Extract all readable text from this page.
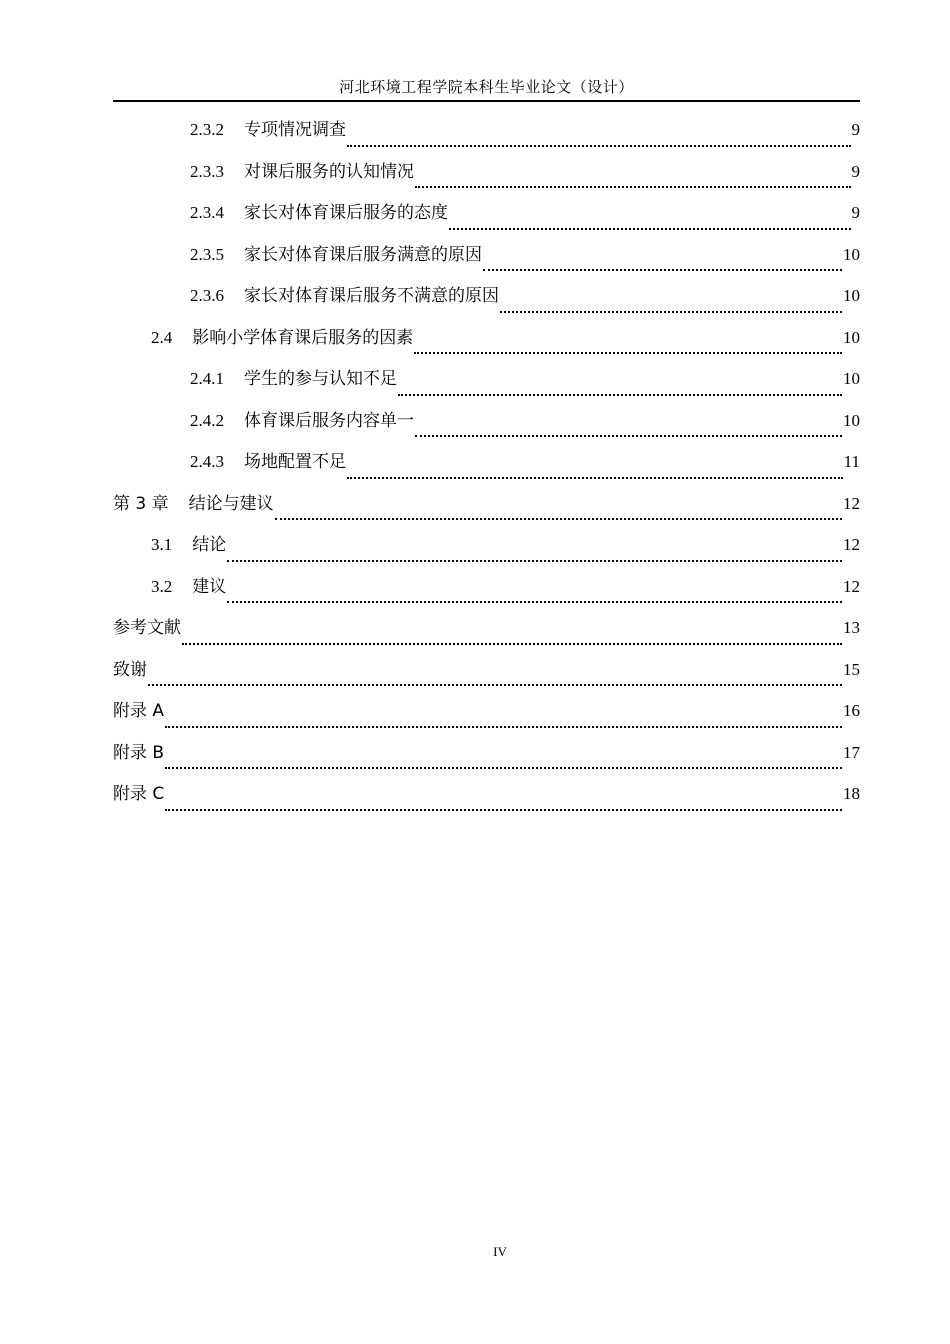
河北环境工程学院本科生毕业论文（设计）
2.3.2 专项情况调查	9
2.3.3 对课后服务的认知情况	9
2.3.4 家长对体育课后服务的态度	9
2.3.5 家长对体育课后服务满意的原因	10
2.3.6 家长对体育课后服务不满意的原因	10
2.4 影响小学体育课后服务的因素	10
2.4.1 学生的参与认知不足	10
2.4.2 体育课后服务内容单一	10
2.4.3 场地配置不足	11
第 3 章 结论与建议	12
3.1 结论	12
3.2 建议	12
参考文献	13
致谢	15
附录 A	16
附录 B	17
附录 C	18
IV
